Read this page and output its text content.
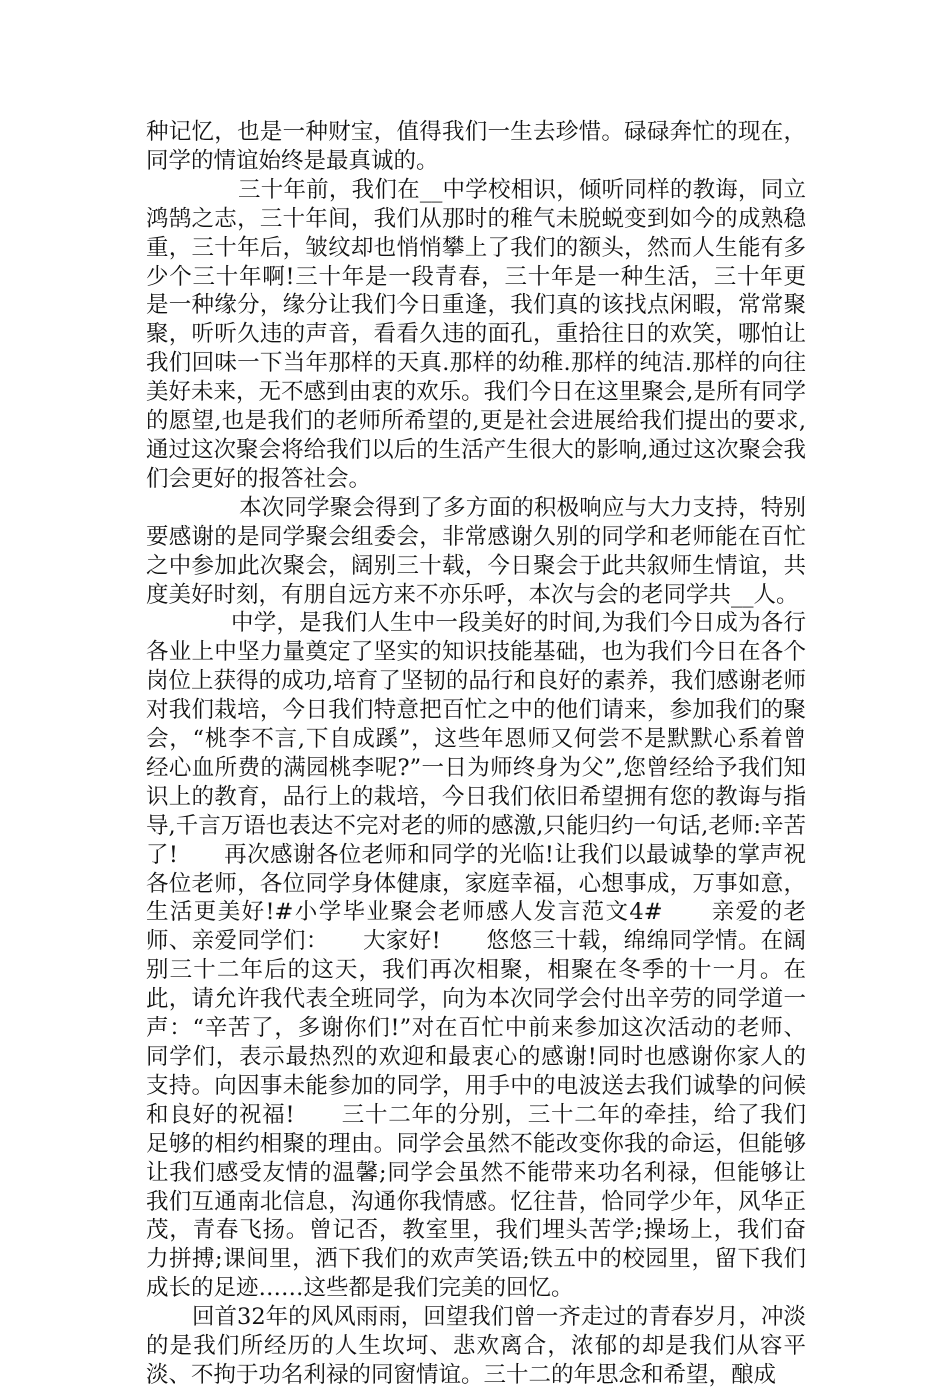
种记忆，也是一种财宝，值得我们一生去珍惜。碌碌奔忙的现在，同学的情谊始终是最真诚的。

三十年前，我们在__中学校相识，倾听同样的教诲，同立鸿鹄之志，三十年间，我们从那时的稚气未脱蜕变到如今的成熟稳重，三十年后，皱纹却也悄悄攀上了我们的额头，然而人生能有多少个三十年啊!三十年是一段青春，三十年是一种生活，三十年更是一种缘分，缘分让我们今日重逢，我们真的该找点闲暇，常常聚聚，听听久违的声音，看看久违的面孔，重拾往日的欢笑，哪怕让我们回味一下当年那样的天真.那样的幼稚.那样的纯洁.那样的向往美好未来，无不感到由衷的欢乐。我们今日在这里聚会,是所有同学的愿望,也是我们的老师所希望的,更是社会进展给我们提出的要求,通过这次聚会将给我们以后的生活产生很大的影响,通过这次聚会我们会更好的报答社会。

本次同学聚会得到了多方面的积极响应与大力支持，特别要感谢的是同学聚会组委会，非常感谢久别的同学和老师能在百忙之中参加此次聚会，阔别三十载，今日聚会于此共叙师生情谊，共度美好时刻，有朋自远方来不亦乐呼，本次与会的老同学共__人。

中学，是我们人生中一段美好的时间,为我们今日成为各行各业上中坚力量奠定了坚实的知识技能基础，也为我们今日在各个岗位上获得的成功,培育了坚韧的品行和良好的素养，我们感谢老师对我们栽培，今日我们特意把百忙之中的他们请来，参加我们的聚会，“桃李不言,下自成蹊”，这些年恩师又何尝不是默默心系着曾经心血所费的满园桃李呢?”一日为师终身为父”,您曾经给予我们知识上的教育，品行上的栽培，今日我们依旧希望拥有您的教诲与指导,千言万语也表达不完对老的师的感激,只能归约一句话,老师:辛苦了!　　再次感谢各位老师和同学的光临!让我们以最诚挚的掌声祝各位老师，各位同学身体健康，家庭幸福，心想事成，万事如意，生活更美好!#小学毕业聚会老师感人发言范文4#　　亲爱的老师、亲爱同学们：　　大家好!　　悠悠三十载，绵绵同学情。在阔别三十二年后的这天，我们再次相聚，相聚在冬季的十一月。在此，请允许我代表全班同学，向为本次同学会付出辛劳的同学道一声：“辛苦了，多谢你们!”对在百忙中前来参加这次活动的老师、同学们，表示最热烈的欢迎和最衷心的感谢!同时也感谢你家人的支持。向因事未能参加的同学，用手中的电波送去我们诚挚的问候和良好的祝福!　　三十二年的分别，三十二年的牵挂，给了我们足够的相约相聚的理由。同学会虽然不能改变你我的命运，但能够让我们感受友情的温馨;同学会虽然不能带来功名利禄，但能够让我们互通南北信息，沟通你我情感。忆往昔，恰同学少年，风华正茂，青春飞扬。曾记否，教室里，我们埋头苦学;操场上，我们奋力拼搏;课间里，洒下我们的欢声笑语;铁五中的校园里，留下我们成长的足迹……这些都是我们完美的回忆。

回首32年的风风雨雨，回望我们曾一齐走过的青春岁月，冲淡的是我们所经历的人生坎坷、悲欢离合，浓郁的却是我们从容平淡、不拘于功名利禄的同窗情谊。三十二的年思念和希望，酿成
